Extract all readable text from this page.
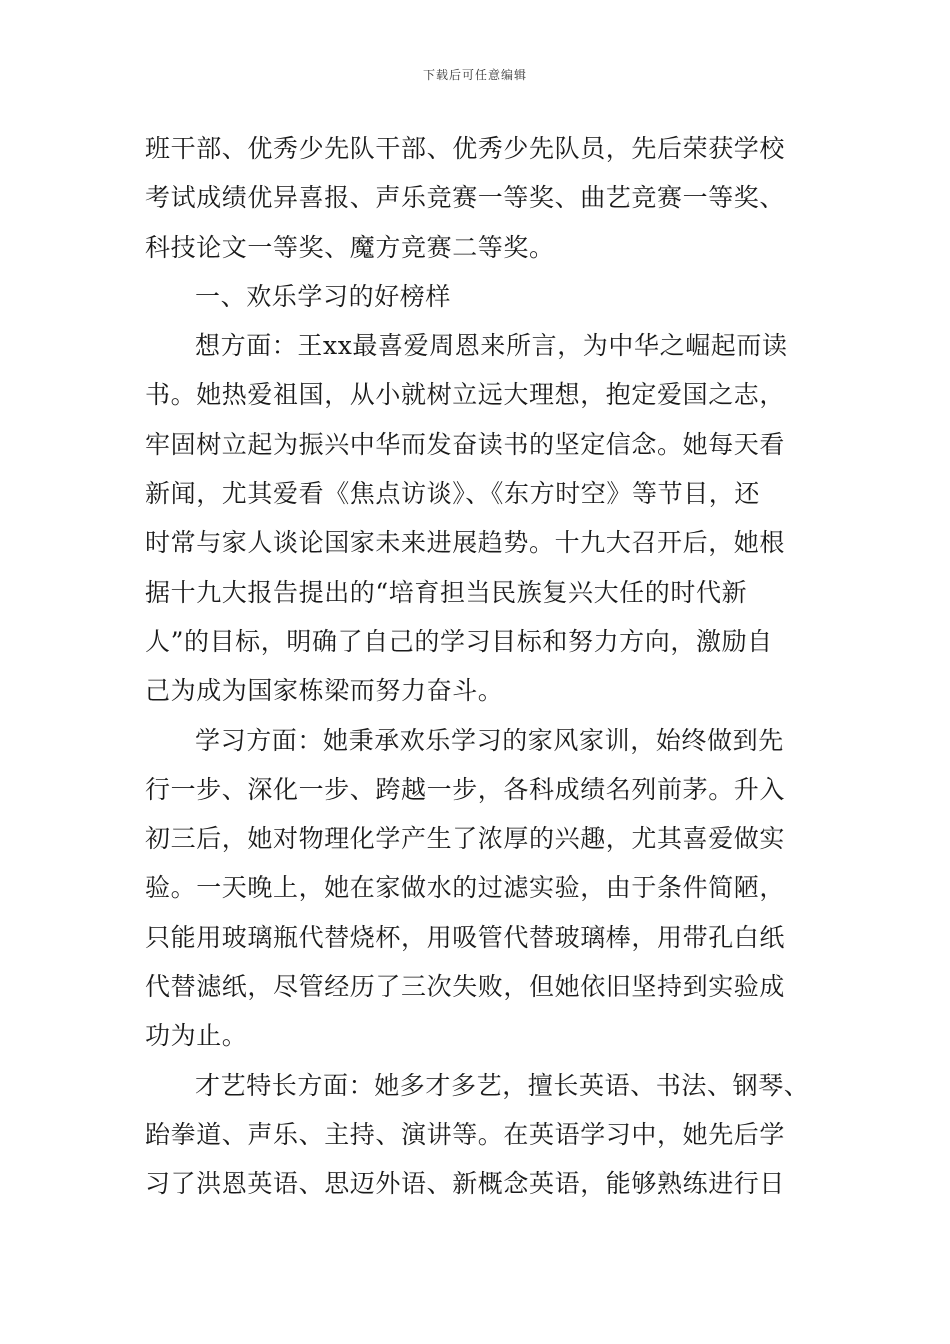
下载后可任意编辑

班干部、优秀少先队干部、优秀少先队员，先后荣获学校

考试成绩优异喜报、声乐竞赛一等奖、曲艺竞赛一等奖、

科技论文一等奖、魔方竞赛二等奖。

一、欢乐学习的好榜样

想方面：王xx最喜爱周恩来所言，为中华之崛起而读

书。她热爱祖国，从小就树立远大理想，抱定爱国之志，

牢固树立起为振兴中华而发奋读书的坚定信念。她每天看

新闻，尤其爱看《焦点访谈》、《东方时空》等节目，还

时常与家人谈论国家未来进展趋势。十九大召开后，她根

据十九大报告提出的“培育担当民族复兴大任的时代新

人”的目标，明确了自己的学习目标和努力方向，激励自

己为成为国家栋梁而努力奋斗。

学习方面：她秉承欢乐学习的家风家训，始终做到先

行一步、深化一步、跨越一步，各科成绩名列前茅。升入

初三后，她对物理化学产生了浓厚的兴趣，尤其喜爱做实

验。一天晚上，她在家做水的过滤实验，由于条件简陋，

只能用玻璃瓶代替烧杯，用吸管代替玻璃棒，用带孔白纸

代替滤纸，尽管经历了三次失败，但她依旧坚持到实验成

功为止。

才艺特长方面：她多才多艺，擅长英语、书法、钢琴、

跆拳道、声乐、主持、演讲等。在英语学习中，她先后学

习了洪恩英语、思迈外语、新概念英语，能够熟练进行日
